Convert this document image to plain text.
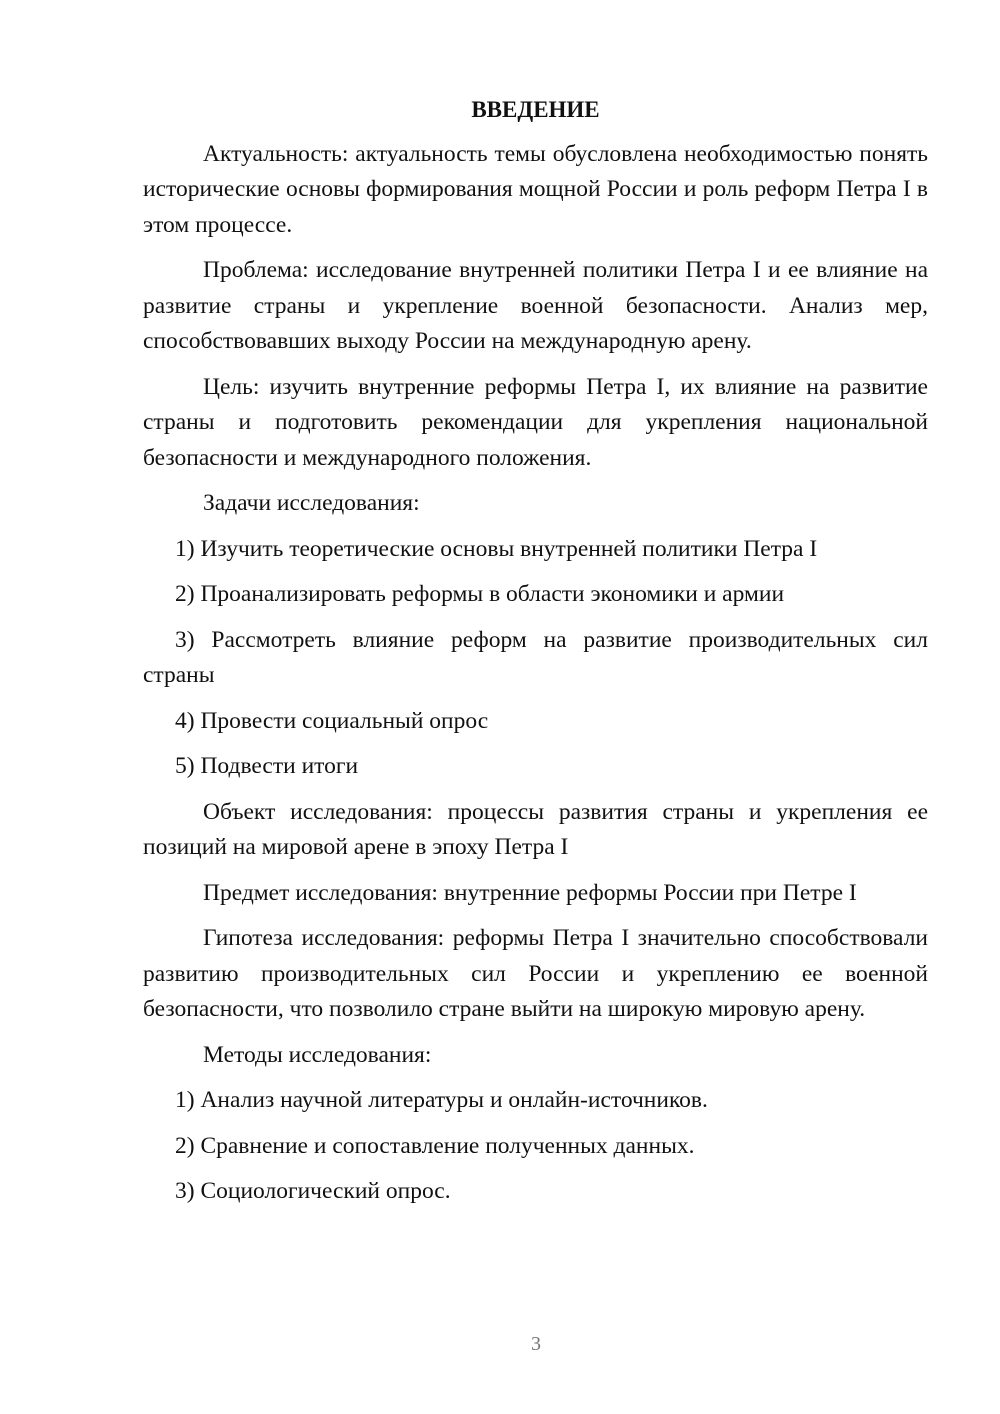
ВВЕДЕНИЕ

Актуальность: актуальность темы обусловлена необходимостью понять исторические основы формирования мощной России и роль реформ Петра I в этом процессе.

Проблема: исследование внутренней политики Петра I и ее влияние на развитие страны и укрепление военной безопасности. Анализ мер, способствовавших выходу России на международную арену.

Цель: изучить внутренние реформы Петра I, их влияние на развитие страны и подготовить рекомендации для укрепления национальной безопасности и международного положения.

Задачи исследования:

1) Изучить теоретические основы внутренней политики Петра I

2) Проанализировать реформы в области экономики и армии

3) Рассмотреть влияние реформ на развитие производительных сил страны

4) Провести социальный опрос

5) Подвести итоги

Объект исследования: процессы развития страны и укрепления ее позиций на мировой арене в эпоху Петра I

Предмет исследования: внутренние реформы России при Петре I

Гипотеза исследования: реформы Петра I значительно способствовали развитию производительных сил России и укреплению ее военной безопасности, что позволило стране выйти на широкую мировую арену.

Методы исследования:

1) Анализ научной литературы и онлайн-источников.

2) Сравнение и сопоставление полученных данных.

3) Социологический опрос.

3
